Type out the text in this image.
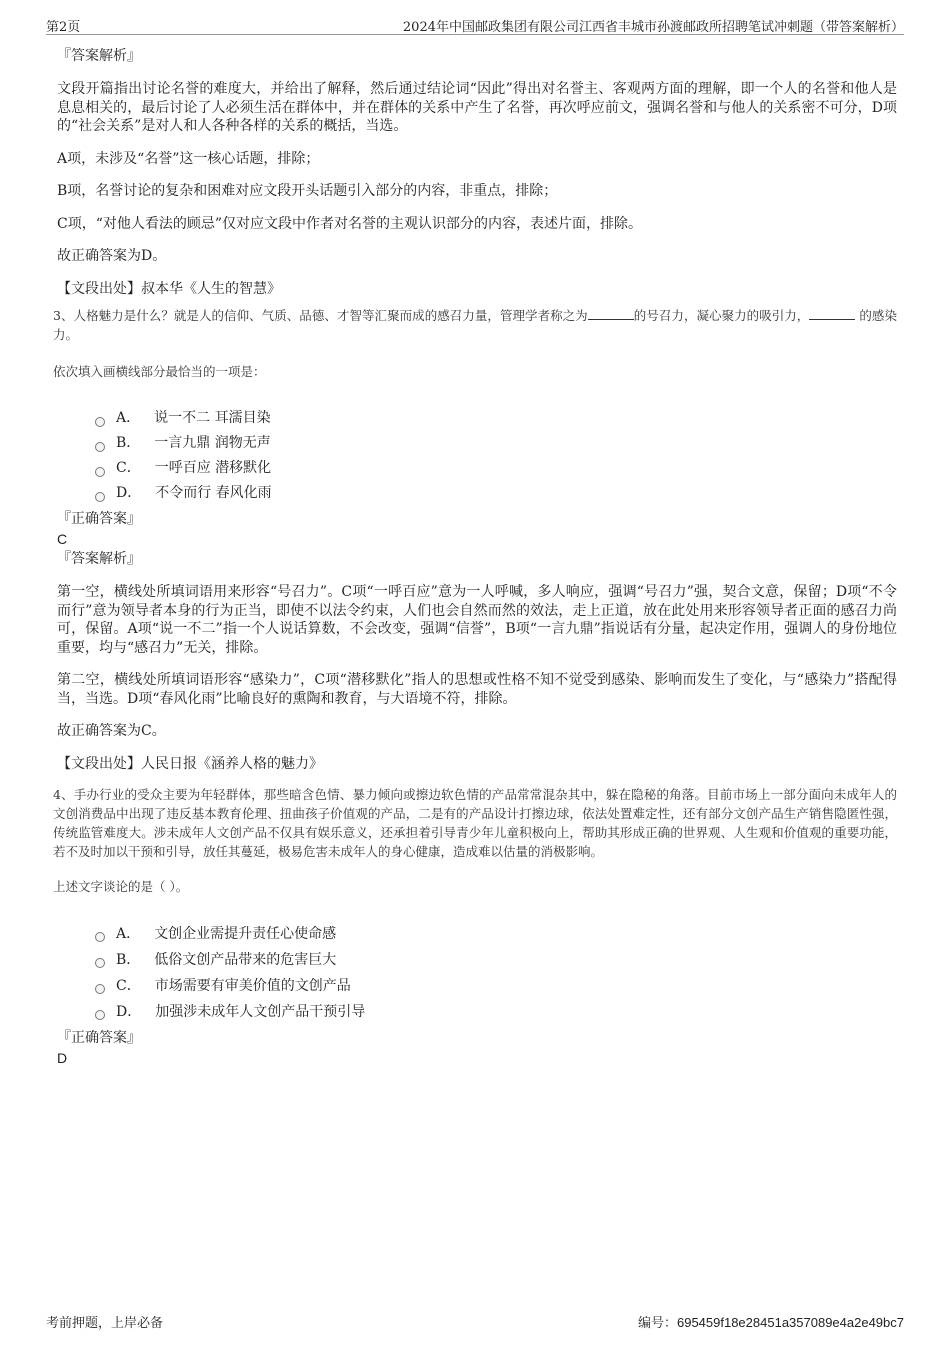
第2页	2024年中国邮政集团有限公司江西省丰城市孙渡邮政所招聘笔试冲刺题（带答案解析）
『答案解析』

文段开篇指出讨论名誉的难度大，并给出了解释，然后通过结论词“因此”得出对名誉主、客观两方面的理解，即一个人的名誉和他人是息息相关的，最后讨论了人必须生活在群体中，并在群体的关系中产生了名誉，再次呼应前文，强调名誉和与他人的关系密不可分，D项的“社会关系”是对人和人各种各样的关系的概括，当选。

A项，未涉及“名誉”这一核心话题，排除；

B项，名誉讨论的复杂和困难对应文段开头话题引入部分的内容，非重点，排除；

C项，“对他人看法的顾忌”仅对应文段中作者对名誉的主观认识部分的内容，表述片面，排除。

故正确答案为D。

【文段出处】叔本华《人生的智慧》

3、人格魅力是什么？就是人的信仰、气质、品德、才智等汇聚而成的感召力量，管理学者称之为	的号召力，凝心聚力的吸引力，	的感染力。

依次填入画横线部分最恰当的一项是：
A． 说一不二 耳濡目染
B． 一言九鼎 润物无声
C． 一呼百应 潜移默化
D． 不令而行 春风化雨
『正确答案』
C
『答案解析』

第一空，横线处所填词语用来形容“号召力”。C项“一呼百应”意为一人呼喊，多人响应，强调“号召力”强，契合文意，保留；D项“不令而行”意为领导者本身的行为正当，即使不以法令约束，人们也会自然而然的效法，走上正道，放在此处用来形容领导者正面的感召力尚可，保留。A项“说一不二”指一个人说话算数，不会改变，强调“信誉”，B项“一言九鼎”指说话有分量，起决定作用，强调人的身份地位重要，均与“感召力”无关，排除。

第二空，横线处所填词语形容“感染力”，C项“潜移默化”指人的思想或性格不知不觉受到感染、影响而发生了变化，与“感染力”搭配得当，当选。D项“春风化雨”比喻良好的熏陶和教育，与大语境不符，排除。

故正确答案为C。

【文段出处】人民日报《涵养人格的魅力》

4、手办行业的受众主要为年轻群体，那些暗含色情、暴力倾向或擦边软色情的产品常常混杂其中，躲在隐秘的角落。目前市场上一部分面向未成年人的文创消费品中出现了违反基本教育伦理、扭曲孩子价值观的产品，二是有的产品设计打擦边球，依法处置难定性，还有部分文创产品生产销售隐匿性强，传统监管难度大。涉未成年人文创产品不仅具有娱乐意义，还承担着引导青少年儿童积极向上，帮助其形成正确的世界观、人生观和价值观的重要功能，若不及时加以干预和引导，放任其蔓延，极易危害未成年人的身心健康，造成难以估量的消极影响。

上述文字谈论的是（ ）。
A． 文创企业需提升责任心使命感
B． 低俗文创产品带来的危害巨大
C． 市场需要有审美价值的文创产品
D． 加强涉未成年人文创产品干预引导
『正确答案』
D
考前押题，上岸必备	编号：695459f18e28451a357089e4a2e49bc7
